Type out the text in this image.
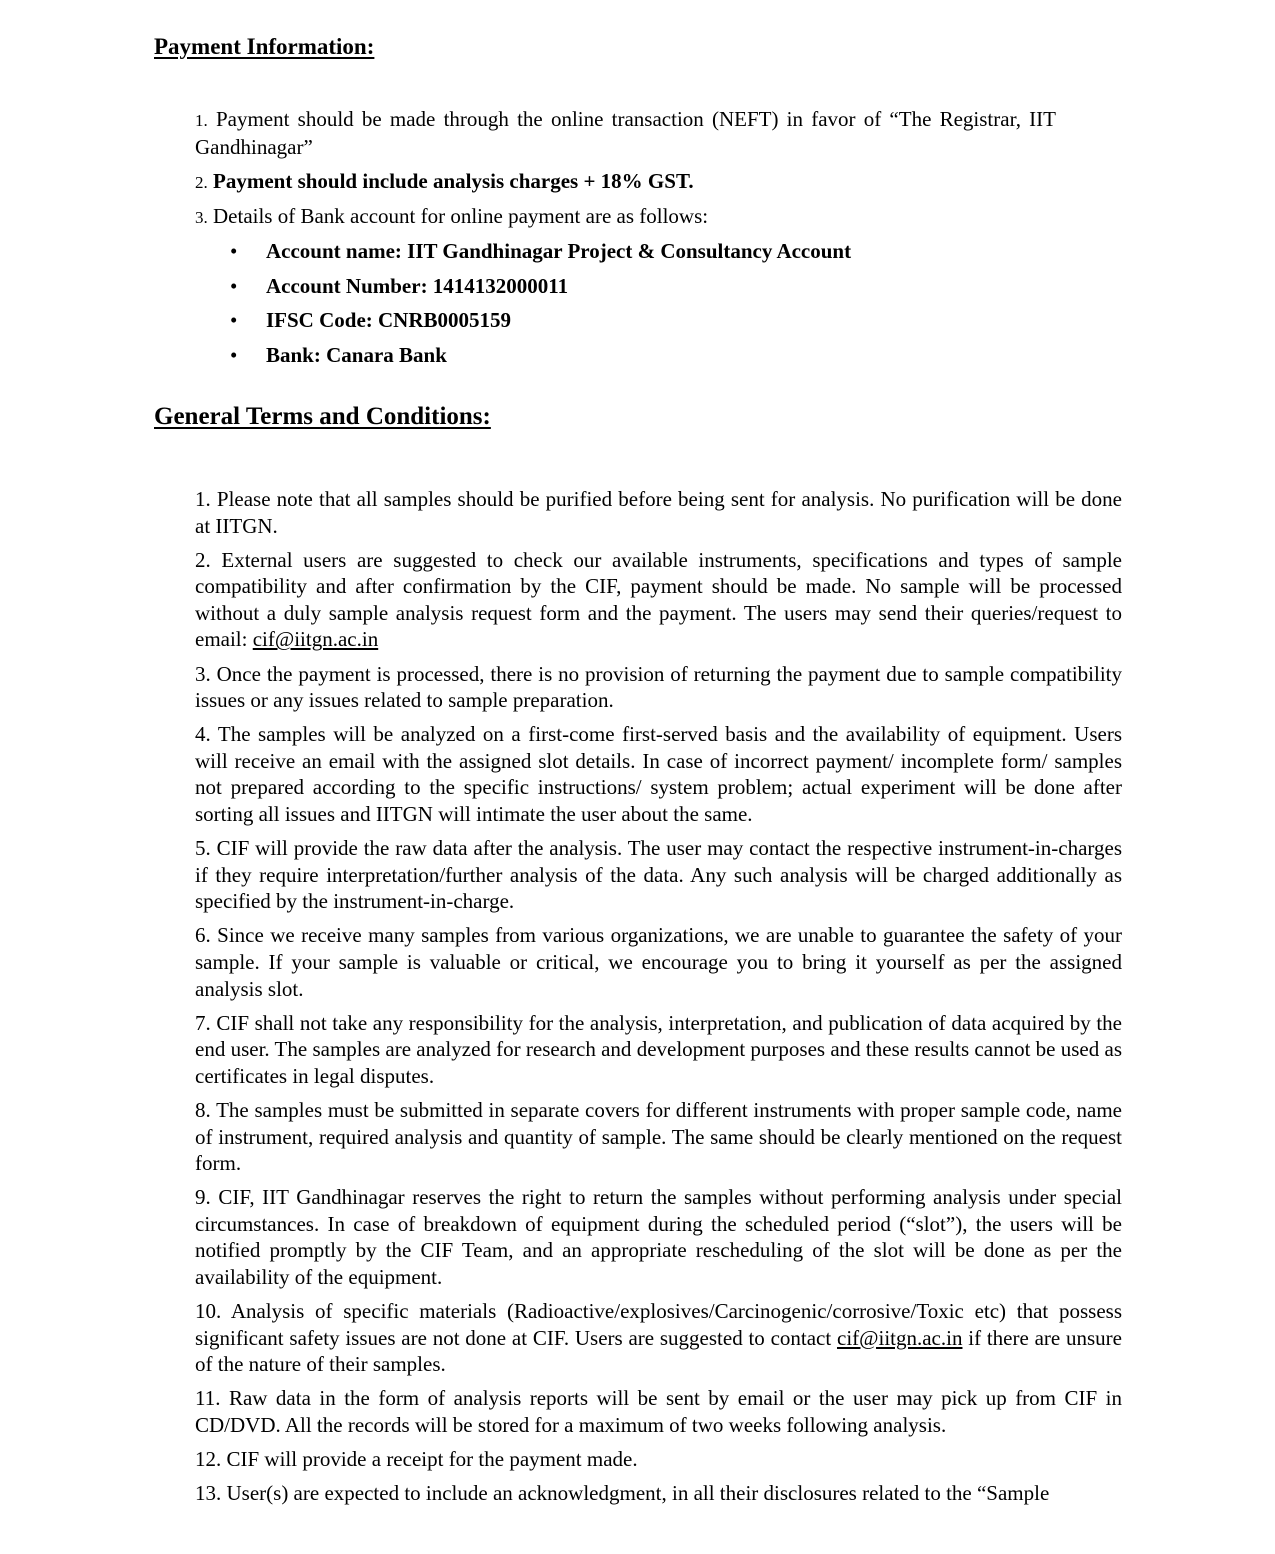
Payment Information:

1. Payment should be made through the online transaction (NEFT) in favor of “The Registrar, IIT Gandhinagar”

2. Payment should include analysis charges + 18% GST.

3. Details of Bank account for online payment are as follows:

•	Account name: IIT Gandhinagar Project & Consultancy Account
•	Account Number: 1414132000011
•	IFSC Code: CNRB0005159
•	Bank: Canara Bank
General Terms and Conditions:

1. Please note that all samples should be purified before being sent for analysis. No purification will be done at IITGN.

2. External users are suggested to check our available instruments, specifications and types of sample compatibility and after confirmation by the CIF, payment should be made. No sample will be processed without a duly sample analysis request form and the payment. The users may send their queries/request to email: cif@iitgn.ac.in

3. Once the payment is processed, there is no provision of returning the payment due to sample compatibility issues or any issues related to sample preparation.

4. The samples will be analyzed on a first-come first-served basis and the availability of equipment. Users will receive an email with the assigned slot details. In case of incorrect payment/ incomplete form/ samples not prepared according to the specific instructions/ system problem; actual experiment will be done after sorting all issues and IITGN will intimate the user about the same.

5. CIF will provide the raw data after the analysis. The user may contact the respective instrument-in-charges if they require interpretation/further analysis of the data. Any such analysis will be charged additionally as specified by the instrument-in-charge.

6. Since we receive many samples from various organizations, we are unable to guarantee the safety of your sample. If your sample is valuable or critical, we encourage you to bring it yourself as per the assigned analysis slot.

7. CIF shall not take any responsibility for the analysis, interpretation, and publication of data acquired by the end user. The samples are analyzed for research and development purposes and these results cannot be used as certificates in legal disputes.

8. The samples must be submitted in separate covers for different instruments with proper sample code, name of instrument, required analysis and quantity of sample. The same should be clearly mentioned on the request form.

9. CIF, IIT Gandhinagar reserves the right to return the samples without performing analysis under special circumstances. In case of breakdown of equipment during the scheduled period (“slot”), the users will be notified promptly by the CIF Team, and an appropriate rescheduling of the slot will be done as per the availability of the equipment.

10. Analysis of specific materials (Radioactive/explosives/Carcinogenic/corrosive/Toxic etc) that possess significant safety issues are not done at CIF. Users are suggested to contact cif@iitgn.ac.in if there are unsure of the nature of their samples.

11. Raw data in the form of analysis reports will be sent by email or the user may pick up from CIF in CD/DVD. All the records will be stored for a maximum of two weeks following analysis.

12. CIF will provide a receipt for the payment made.

13. User(s) are expected to include an acknowledgment, in all their disclosures related to the “Sample
